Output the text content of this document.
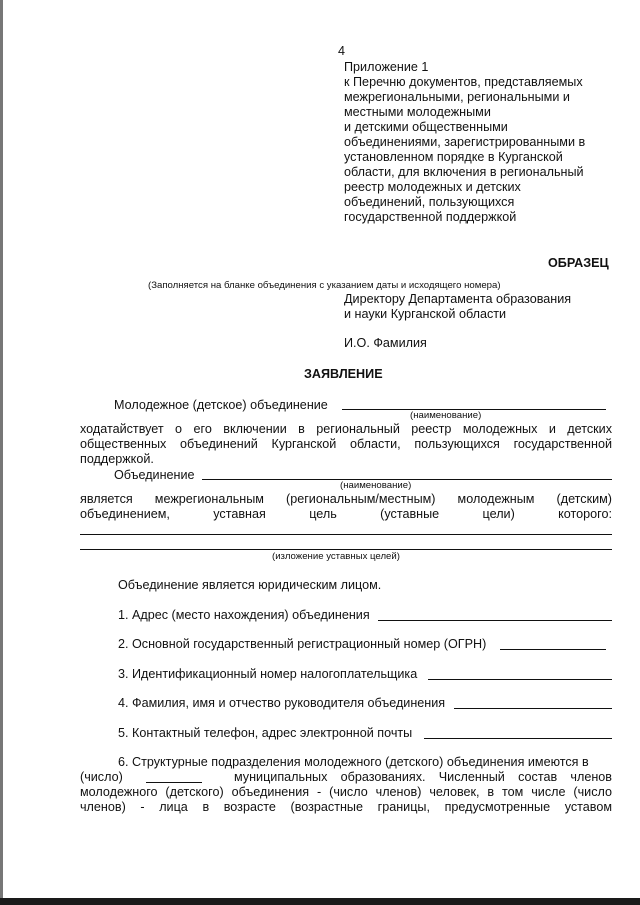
4
Приложение 1
к Перечню документов, представляемых
межрегиональными, региональными и
местными молодежными
и детскими общественными
объединениями, зарегистрированными в
установленном порядке в Курганской
области, для включения в региональный
реестр молодежных и детских
объединений, пользующихся
государственной поддержкой
ОБРАЗЕЦ
(Заполняется на бланке объединения с указанием даты и исходящего номера)
Директору Департамента образования
и науки Курганской области
И.О. Фамилия
ЗАЯВЛЕНИЕ
Молодежное (детское) объединение
(наименование)
ходатайствует о его включении в региональный реестр молодежных и детских
общественных объединений Курганской области, пользующихся государственной
поддержкой.
Объединение
(наименование)
является межрегиональным (региональным/местным) молодежным (детским)
объединением, уставная цель (уставные цели) которого:
(изложение уставных целей)
Объединение является юридическим лицом.
1. Адрес (место нахождения) объединения
2. Основной государственный регистрационный номер (ОГРН)
3. Идентификационный номер налогоплательщика
4. Фамилия, имя и отчество руководителя объединения
5. Контактный телефон, адрес электронной почты
6. Структурные подразделения молодежного (детского) объединения имеются в
(число)	муниципальных образованиях. Численный состав членов
молодежного (детского) объединения - (число членов) человек, в том числе (число
членов) - лица в возрасте (возрастные границы, предусмотренные уставом
